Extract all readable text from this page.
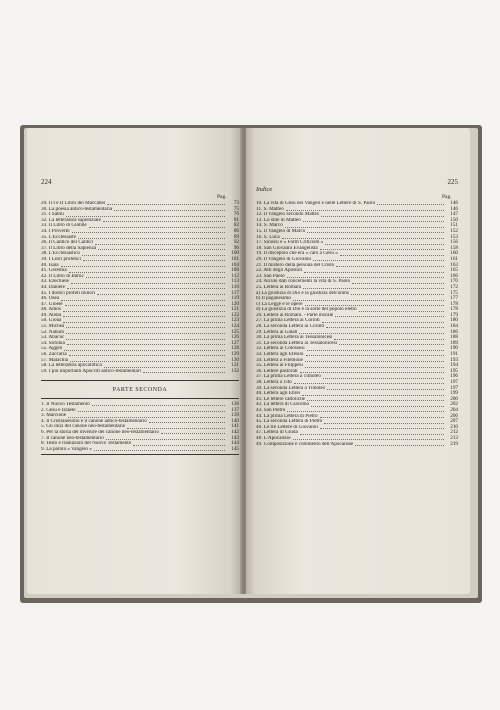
224
Pag.
29. Il I e II Libro dei Maccabei	73
30. La poesia antico-testamentaria	75
31. I Salmi	76
32. La letteratura sapienziale	81
33. Il Libro di Giobbe	82
34. I Proverbi	86
35. L'Ecclesiaste	89
36. Il Cantico dei Cantici	92
37. Il Libro della Sapienza	96
38. L'Ecclesiastico	100
39. I Libri profetici	101
40. Isaia	104
41. Geremia	108
42. Il Libro di Baruc	112
43. Ezechiele	113
44. Daniele	116
45. I dodici profeti minori	117
46. Osea	119
47. Gioele	120
48. Amos	121
49. Abdia	122
50. Giona	123
51. Michea	124
52. Nahum	125
53. Abacuc	126
54. Sofonia	127
55. Aggeo	128
56. Zaccaria	129
57. Malachia	130
58. La letteratura apocalittica	131
59. I più importanti Apocrifi antico-testamentari	132
PARTE SECONDA
1. Il Nuovo Testamento	136
2. Gesù e Israele	137
3. Marcione	139
4. Il Cristianesimo e il canone antico-testamentario	140
5. Gli inizi del canone neo-testamentario	141
6. Per la storia del divenire del canone neo-testamentario	142
7. Il canone neo-testamentario	143
8. Testo e traduzioni del Nuovo Testamento	144
9. La parola « Vangelo »	145
Indice
225
Pag.
10. La vita di Gesù nei Vangeli e nelle Lettere di S. Paolo	146
11. S. Matteo	146
12. Il Vangelo secondo Matteo	147
13. Lo stile di Matteo	150
14. S. Marco	151
15. Il Vangelo di Marco	152
16. S. Luca	153
17. Sinossi e « Form Criticism »	156
18. San Giovanni Evangelista	158
19. Il discepolo che era « caro a Gesù »	160
20. Il Vangelo di Giovanni	161
21. Il mistero della persona del Cristo	163
22. Atti degli Apostoli	165
23. San Paolo	166
24. Alcuni dati concernenti la vita di S. Paolo	170
25. Lettera ai Romani	172
a) La giustizia di Dio e la giustizia dell'uomo	175
b) Il paganesimo	177
c) La Legge e le opere	178
d) La giustizia di Dio e la sorte del popolo eletto	178
26. Lettera ai Romani. - Parte morale	179
27. La prima Lettera ai Corinti	180
28. La seconda Lettera ai Corinti	184
29. Lettera ai Galati	186
30. La prima Lettera ai Tessalonicesi	188
31. La seconda Lettera ai Tessalonicesi	189
32. Lettera ai Colossesi	190
33. Lettera agli Efesini	191
34. Lettera a Filemone	193
35. Lettera ai Filippesi	194
36. Lettere pastorali	195
37. La prima Lettera a Timoteo	196
38. Lettera a Tito	197
39. La seconda Lettera a Timoteo	197
40. Lettera agli Ebrei	199
41. Le lettere cattoliche	200
42. La lettera di Giacomo	202
43. San Pietro	204
44. La prima Lettera di Pietro	206
45. La seconda Lettera di Pietro	207
46. Le tre Lettere di Giovanni	210
47. Lettera di Giuda	212
48. L'Apocalisse	213
49. Composizione e commento dell'Apocalisse	219
